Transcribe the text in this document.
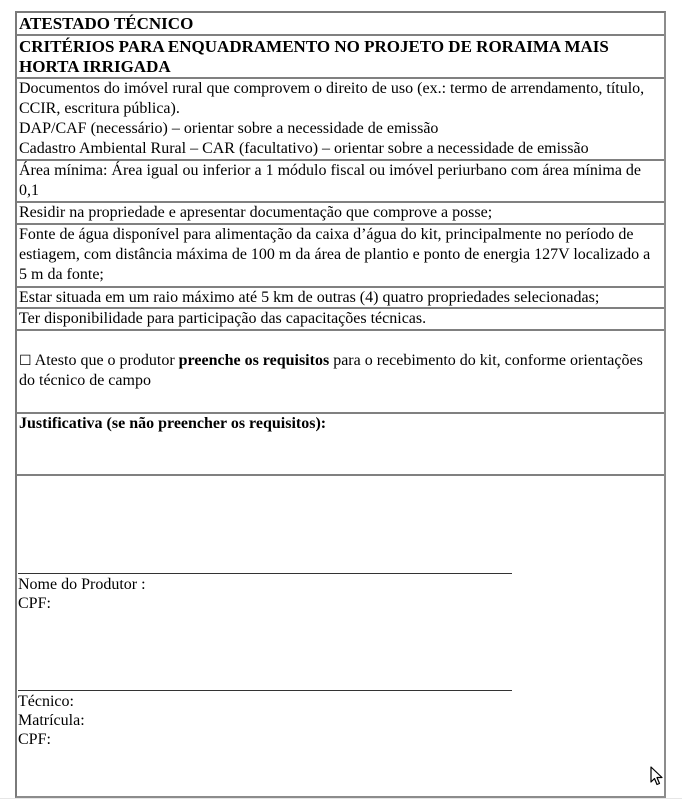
ATESTADO TÉCNICO
CRITÉRIOS PARA ENQUADRAMENTO NO PROJETO DE RORAIMA MAIS HORTA IRRIGADA
Documentos do imóvel rural que comprovem o direito de uso (ex.: termo de arrendamento, título, CCIR, escritura pública).
DAP/CAF (necessário) – orientar sobre a necessidade de emissão
Cadastro Ambiental Rural – CAR (facultativo) – orientar sobre a necessidade de emissão
Área mínima: Área igual ou inferior a 1 módulo fiscal ou imóvel periurbano com área mínima de 0,1
Residir na propriedade e apresentar documentação que comprove a posse;
Fonte de água disponível para alimentação da caixa d’água do kit, principalmente no período de estiagem, com distância máxima de 100 m da área de plantio e ponto de energia 127V localizado a 5 m da fonte;
Estar situada em um raio máximo até 5 km de outras (4) quatro propriedades selecionadas;
Ter disponibilidade para participação das capacitações técnicas.
☐ Atesto que o produtor preenche os requisitos para o recebimento do kit, conforme orientações do técnico de campo
Justificativa (se não preencher os requisitos):
Nome do Produtor :
CPF:
Técnico:
Matrícula:
CPF:
